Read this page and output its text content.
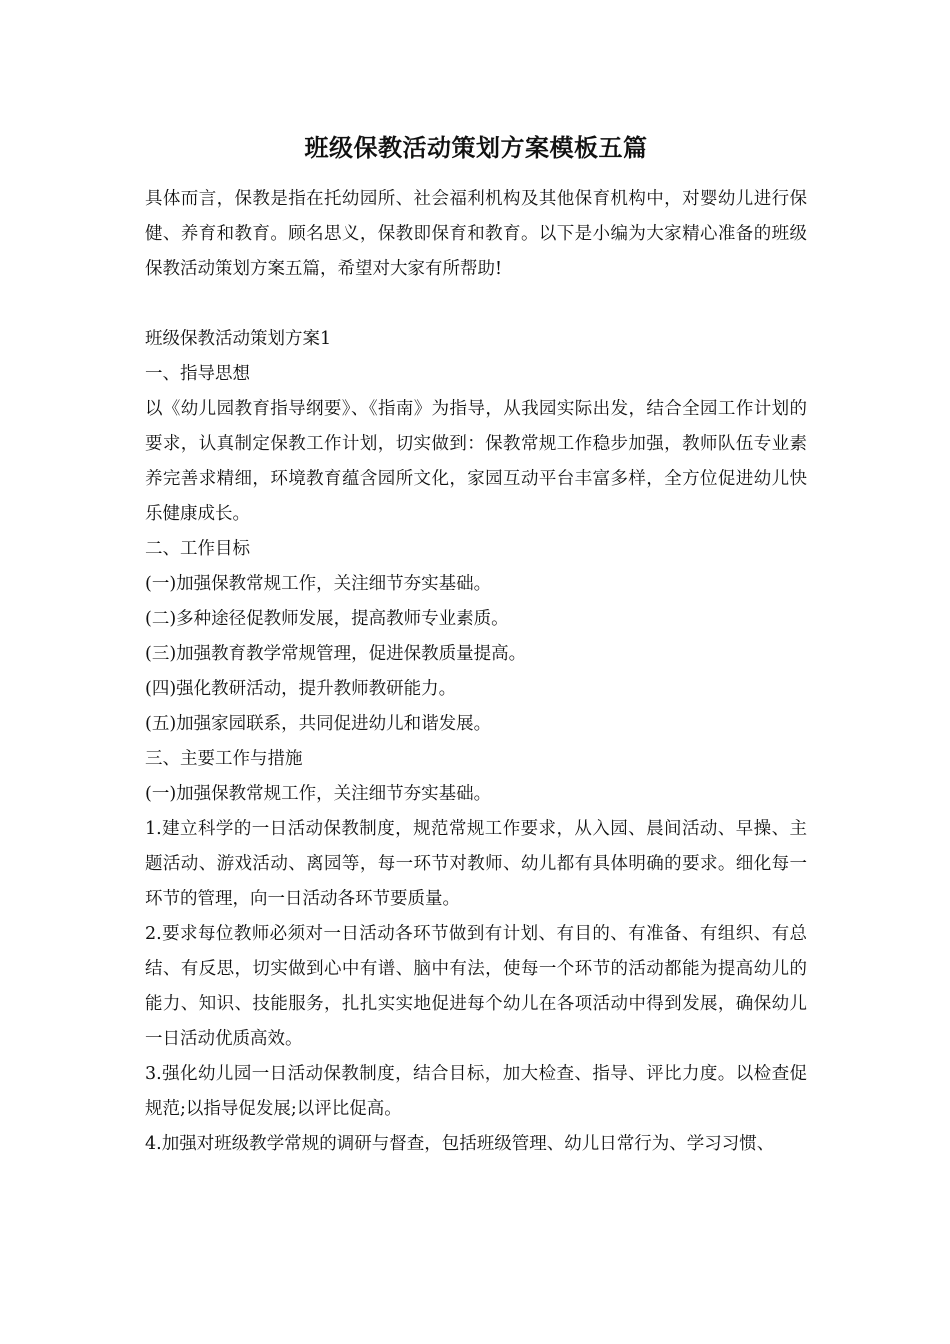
班级保教活动策划方案模板五篇

具体而言，保教是指在托幼园所、社会福利机构及其他保育机构中，对婴幼儿进行保健、养育和教育。顾名思义，保教即保育和教育。以下是小编为大家精心准备的班级保教活动策划方案五篇，希望对大家有所帮助!

班级保教活动策划方案1

一、指导思想

以《幼儿园教育指导纲要》、《指南》为指导，从我园实际出发，结合全园工作计划的要求，认真制定保教工作计划，切实做到：保教常规工作稳步加强，教师队伍专业素养完善求精细，环境教育蕴含园所文化，家园互动平台丰富多样，全方位促进幼儿快乐健康成长。

二、工作目标

(一)加强保教常规工作，关注细节夯实基础。

(二)多种途径促教师发展，提高教师专业素质。

(三)加强教育教学常规管理，促进保教质量提高。

(四)强化教研活动，提升教师教研能力。

(五)加强家园联系，共同促进幼儿和谐发展。

三、主要工作与措施

(一)加强保教常规工作，关注细节夯实基础。

1.建立科学的一日活动保教制度，规范常规工作要求，从入园、晨间活动、早操、主题活动、游戏活动、离园等，每一环节对教师、幼儿都有具体明确的要求。细化每一环节的管理，向一日活动各环节要质量。

2.要求每位教师必须对一日活动各环节做到有计划、有目的、有准备、有组织、有总结、有反思，切实做到心中有谱、脑中有法，使每一个环节的活动都能为提高幼儿的能力、知识、技能服务，扎扎实实地促进每个幼儿在各项活动中得到发展，确保幼儿一日活动优质高效。

3.强化幼儿园一日活动保教制度，结合目标，加大检查、指导、评比力度。以检查促规范;以指导促发展;以评比促高。

4.加强对班级教学常规的调研与督查，包括班级管理、幼儿日常行为、学习习惯、
